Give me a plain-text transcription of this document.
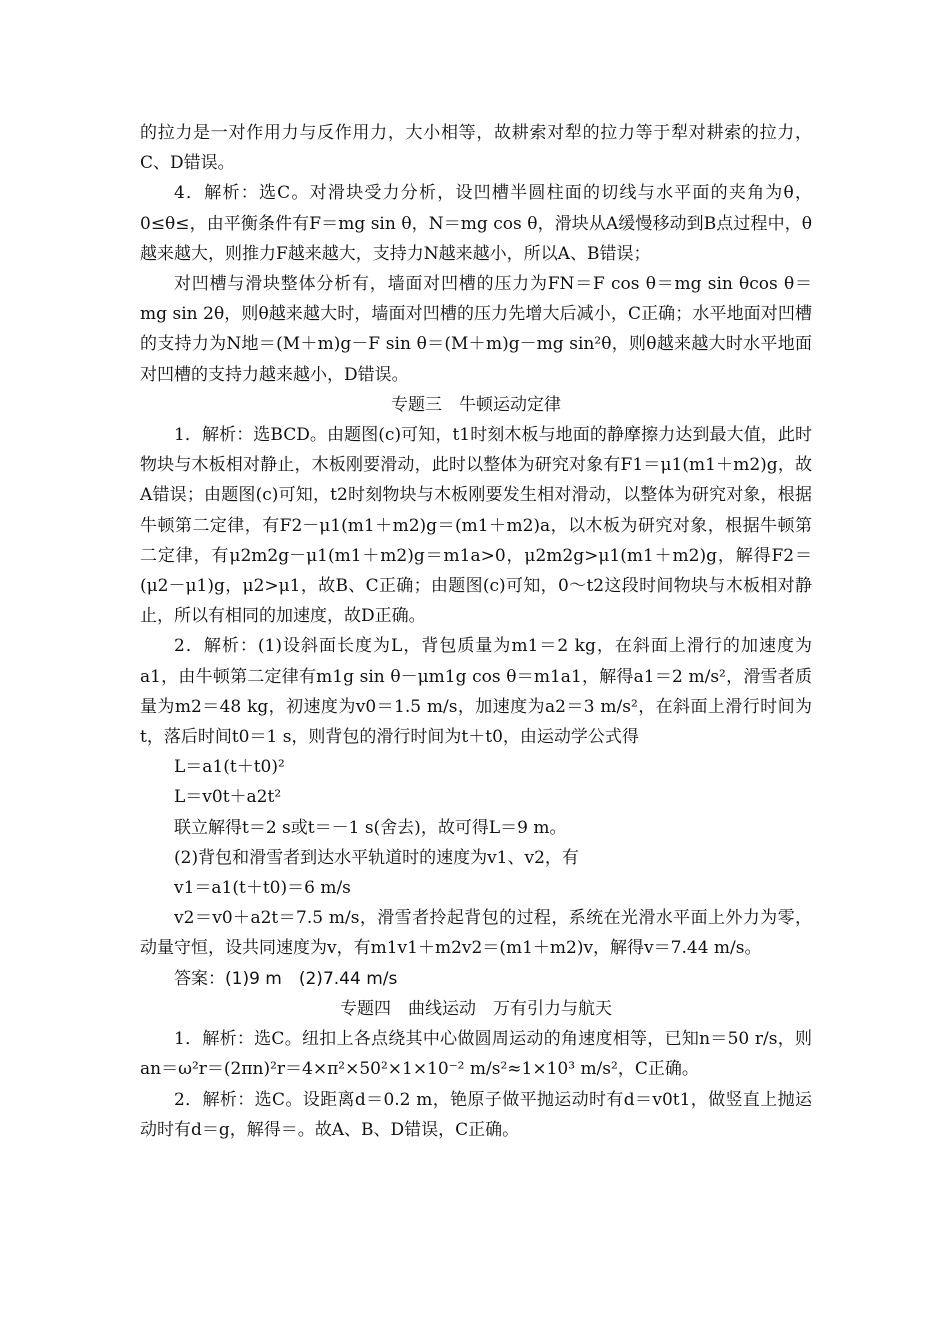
的拉力是一对作用力与反作用力，大小相等，故耕索对犁的拉力等于犁对耕索的拉力，C、D错误。

4．解析：选C。对滑块受力分析，设凹槽半圆柱面的切线与水平面的夹角为θ，0≤θ≤，由平衡条件有F＝mg sin θ，N＝mg cos θ，滑块从A缓慢移动到B点过程中，θ越来越大，则推力F越来越大，支持力N越来越小，所以A、B错误；

对凹槽与滑块整体分析有，墙面对凹槽的压力为FN＝F cos θ＝mg sin θcos θ＝mg sin 2θ，则θ越来越大时，墙面对凹槽的压力先增大后减小，C正确；水平地面对凹槽的支持力为N地＝(M＋m)g－F sin θ＝(M＋m)g－mg sin²θ，则θ越来越大时水平地面对凹槽的支持力越来越小，D错误。

专题三　牛顿运动定律

1．解析：选BCD。由题图(c)可知，t1时刻木板与地面的静摩擦力达到最大值，此时物块与木板相对静止，木板刚要滑动，此时以整体为研究对象有F1＝μ1(m1＋m2)g，故A错误；由题图(c)可知，t2时刻物块与木板刚要发生相对滑动，以整体为研究对象，根据牛顿第二定律，有F2－μ1(m1＋m2)g＝(m1＋m2)a，以木板为研究对象，根据牛顿第二定律，有μ2m2g－μ1(m1＋m2)g＝m1a>0，μ2m2g>μ1(m1＋m2)g，解得F2＝(μ2－μ1)g，μ2>μ1，故B、C正确；由题图(c)可知，0～t2这段时间物块与木板相对静止，所以有相同的加速度，故D正确。

2．解析：(1)设斜面长度为L，背包质量为m1＝2 kg，在斜面上滑行的加速度为a1，由牛顿第二定律有m1g sin θ－μm1g cos θ＝m1a1，解得a1＝2 m/s²，滑雪者质量为m2＝48 kg，初速度为v0＝1.5 m/s，加速度为a2＝3 m/s²，在斜面上滑行时间为t，落后时间t0＝1 s，则背包的滑行时间为t＋t0，由运动学公式得

L＝a1(t＋t0)²

L＝v0t＋a2t²

联立解得t＝2 s或t＝－1 s(舍去)，故可得L＝9 m。

(2)背包和滑雪者到达水平轨道时的速度为v1、v2，有

v1＝a1(t＋t0)＝6 m/s

v2＝v0＋a2t＝7.5 m/s，滑雪者拎起背包的过程，系统在光滑水平面上外力为零，动量守恒，设共同速度为v，有m1v1＋m2v2＝(m1＋m2)v，解得v＝7.44 m/s。

答案：(1)9 m　(2)7.44 m/s

专题四　曲线运动　万有引力与航天

1．解析：选C。纽扣上各点绕其中心做圆周运动的角速度相等，已知n＝50 r/s，则an＝ω²r＝(2πn)²r＝4×π²×50²×1×10⁻² m/s²≈1×10³ m/s²，C正确。

2．解析：选C。设距离d＝0.2 m，铯原子做平抛运动时有d＝v0t1，做竖直上抛运动时有d＝g，解得＝。故A、B、D错误，C正确。
